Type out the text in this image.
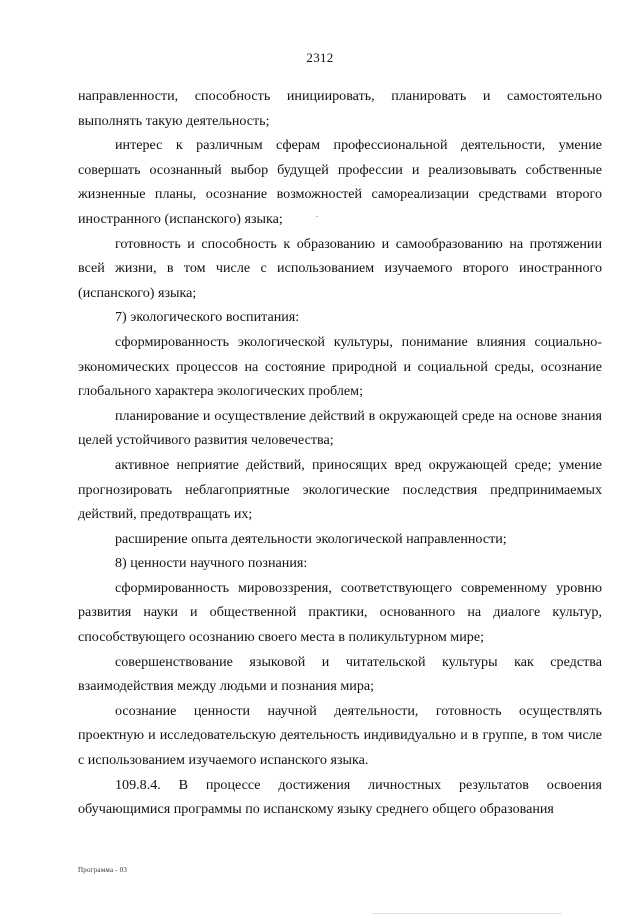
2312

направленности, способность инициировать, планировать и самостоятельно выполнять такую деятельность;

интерес к различным сферам профессиональной деятельности, умение совершать осознанный выбор будущей профессии и реализовывать собственные жизненные планы, осознание возможностей самореализации средствами второго иностранного (испанского) языка;

готовность и способность к образованию и самообразованию на протяжении всей жизни, в том числе с использованием изучаемого второго иностранного (испанского) языка;

7) экологического воспитания:

сформированность экологической культуры, понимание влияния социально-экономических процессов на состояние природной и социальной среды, осознание глобального характера экологических проблем;

планирование и осуществление действий в окружающей среде на основе знания целей устойчивого развития человечества;

активное неприятие действий, приносящих вред окружающей среде; умение прогнозировать неблагоприятные экологические последствия предпринимаемых действий, предотвращать их;

расширение опыта деятельности экологической направленности;

8) ценности научного познания:

сформированность мировоззрения, соответствующего современному уровню развития науки и общественной практики, основанного на диалоге культур, способствующего осознанию своего места в поликультурном мире;

совершенствование языковой и читательской культуры как средства взаимодействия между людьми и познания мира;

осознание ценности научной деятельности, готовность осуществлять проектную и исследовательскую деятельность индивидуально и в группе, в том числе с использованием изучаемого испанского языка.

109.8.4. В процессе достижения личностных результатов освоения обучающимися программы по испанскому языку среднего общего образования

Программа - 03
